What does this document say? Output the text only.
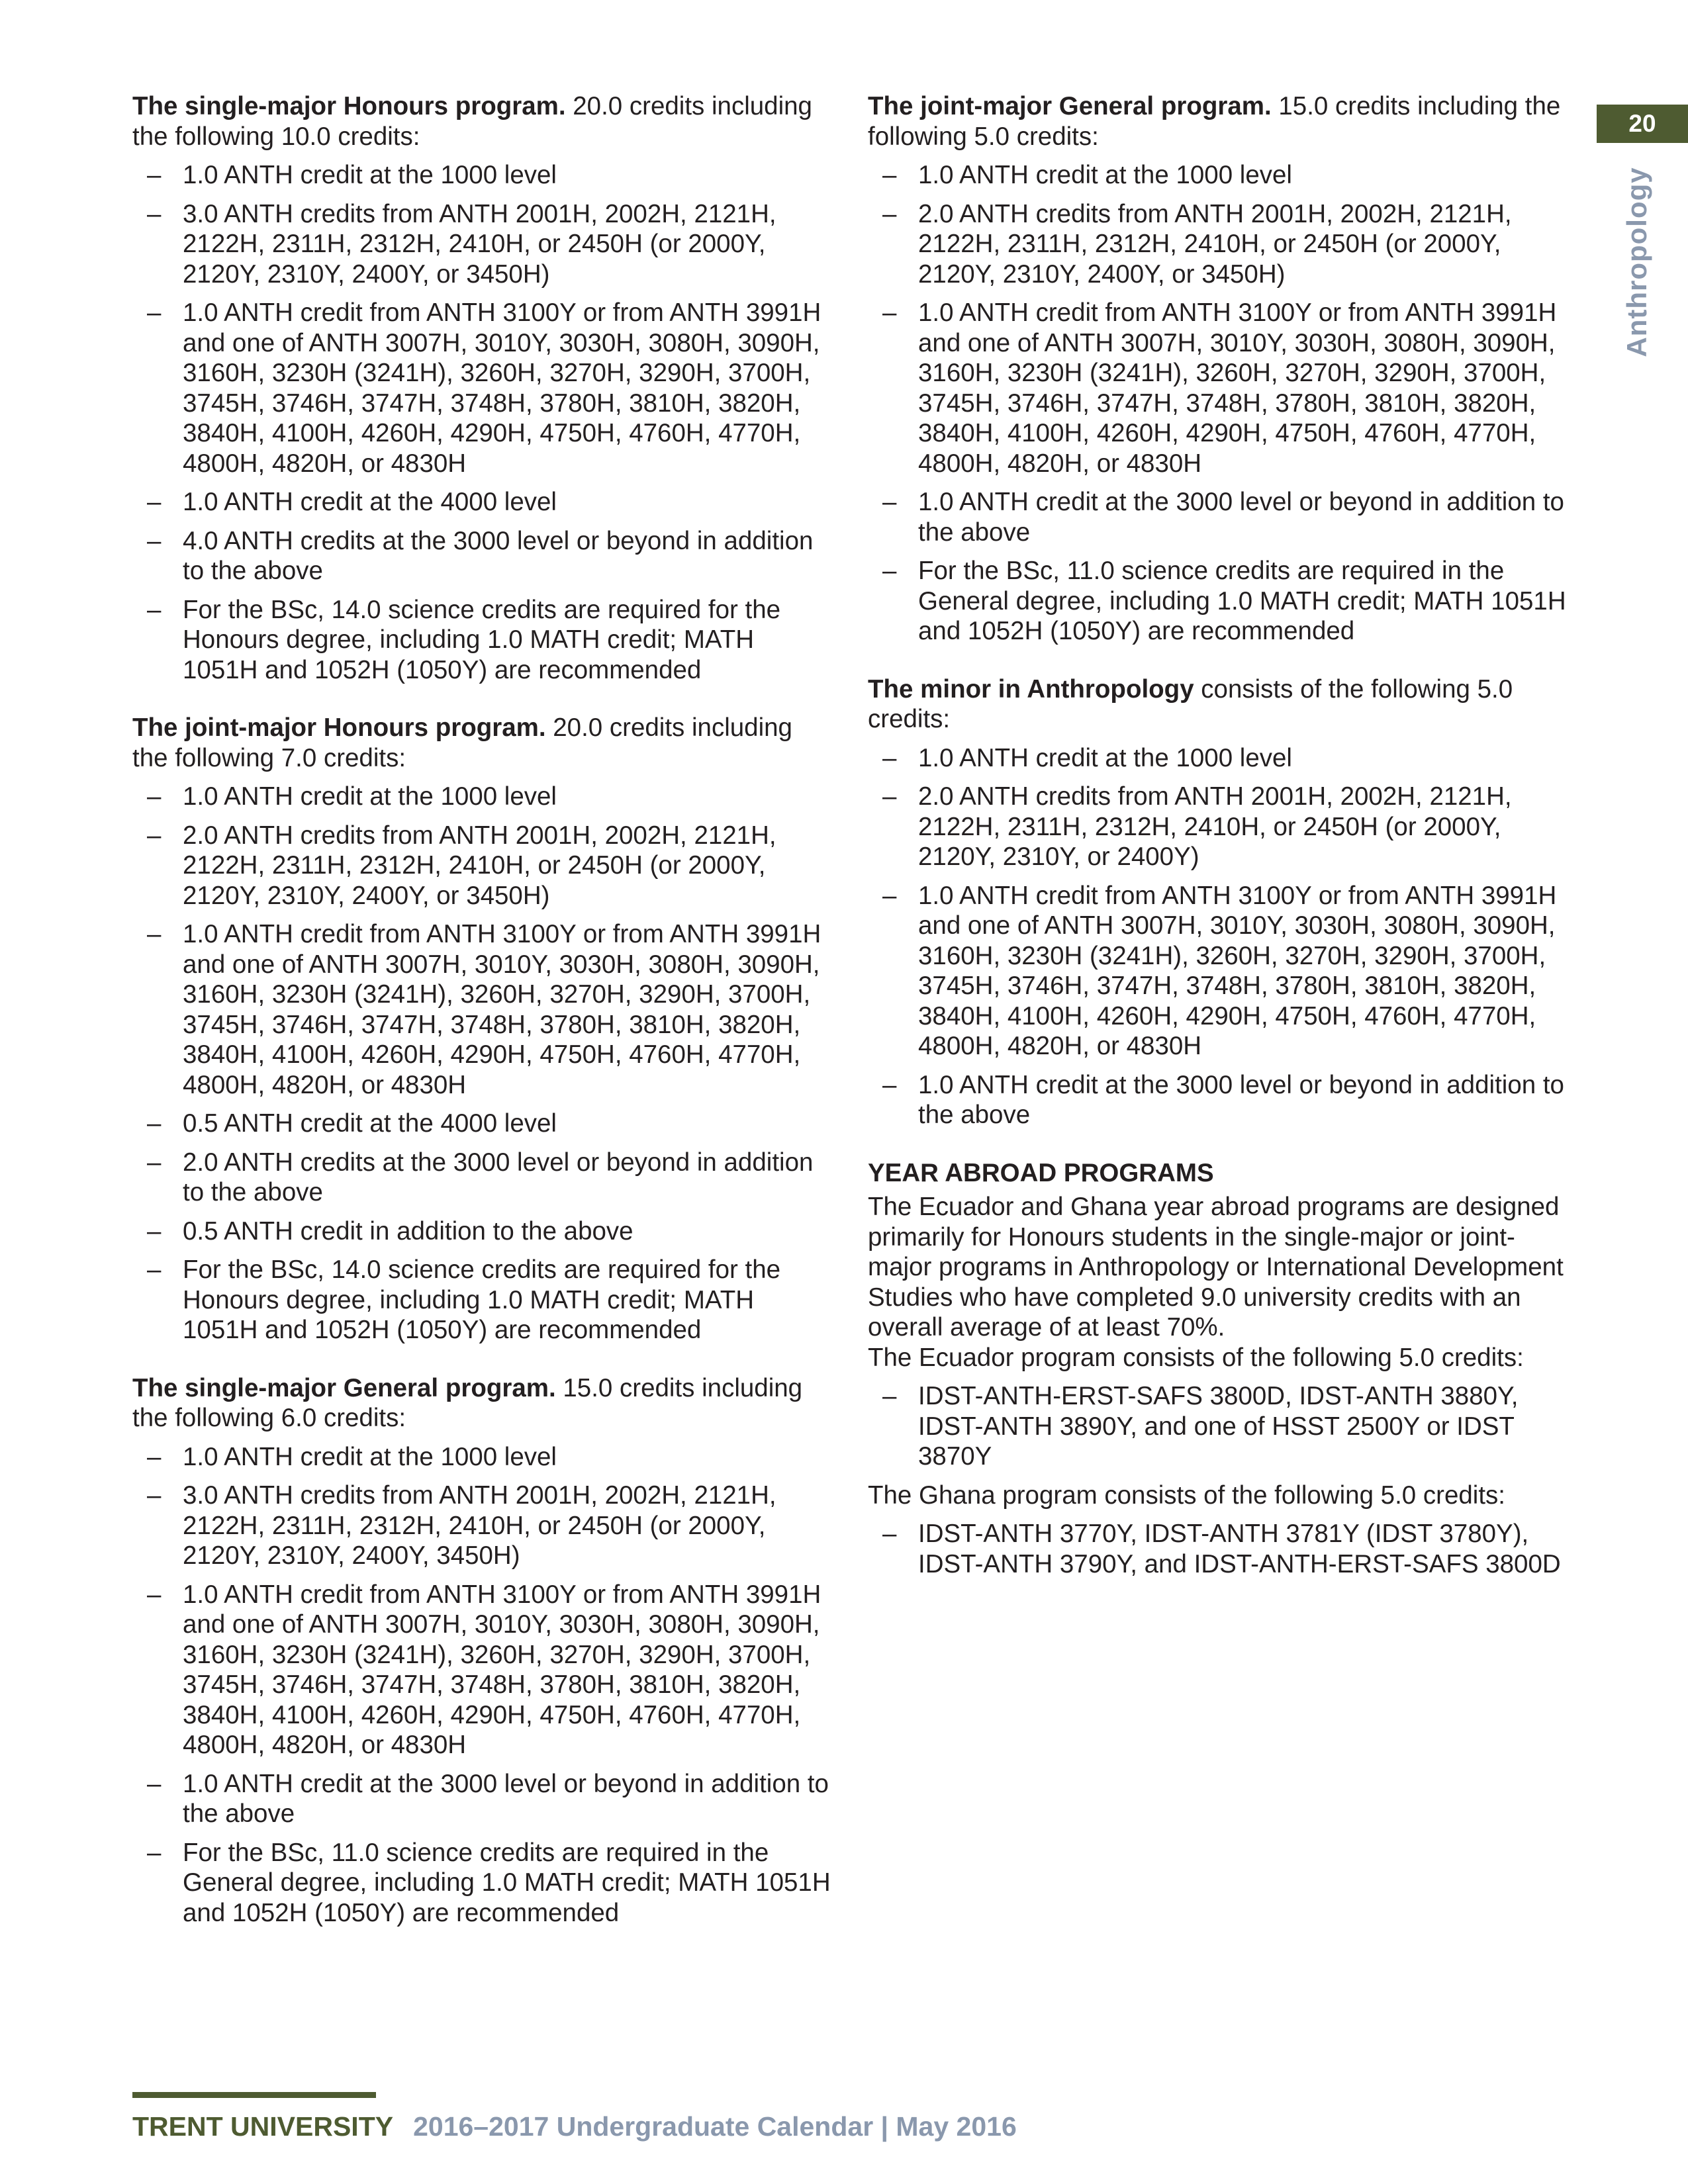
The single-major Honours program. 20.0 credits including the following 10.0 credits:

– 1.0 ANTH credit at the 1000 level
– 3.0 ANTH credits from ANTH 2001H, 2002H, 2121H, 2122H, 2311H, 2312H, 2410H, or 2450H (or 2000Y, 2120Y, 2310Y, 2400Y, or 3450H)
– 1.0 ANTH credit from ANTH 3100Y or from ANTH 3991H and one of ANTH 3007H, 3010Y, 3030H, 3080H, 3090H, 3160H, 3230H (3241H), 3260H, 3270H, 3290H, 3700H, 3745H, 3746H, 3747H, 3748H, 3780H, 3810H, 3820H, 3840H, 4100H, 4260H, 4290H, 4750H, 4760H, 4770H, 4800H, 4820H, or 4830H
– 1.0 ANTH credit at the 4000 level
– 4.0 ANTH credits at the 3000 level or beyond in addition to the above
– For the BSc, 14.0 science credits are required for the Honours degree, including 1.0 MATH credit; MATH 1051H and 1052H (1050Y) are recommended

The joint-major Honours program. 20.0 credits including the following 7.0 credits:

– 1.0 ANTH credit at the 1000 level
– 2.0 ANTH credits from ANTH 2001H, 2002H, 2121H, 2122H, 2311H, 2312H, 2410H, or 2450H (or 2000Y, 2120Y, 2310Y, 2400Y, or 3450H)
– 1.0 ANTH credit from ANTH 3100Y or from ANTH 3991H and one of ANTH 3007H, 3010Y, 3030H, 3080H, 3090H, 3160H, 3230H (3241H), 3260H, 3270H, 3290H, 3700H, 3745H, 3746H, 3747H, 3748H, 3780H, 3810H, 3820H, 3840H, 4100H, 4260H, 4290H, 4750H, 4760H, 4770H, 4800H, 4820H, or 4830H
– 0.5 ANTH credit at the 4000 level
– 2.0 ANTH credits at the 3000 level or beyond in addition to the above
– 0.5 ANTH credit in addition to the above
– For the BSc, 14.0 science credits are required for the Honours degree, including 1.0 MATH credit; MATH 1051H and 1052H (1050Y) are recommended

The single-major General program. 15.0 credits including the following 6.0 credits:

– 1.0 ANTH credit at the 1000 level
– 3.0 ANTH credits from ANTH 2001H, 2002H, 2121H, 2122H, 2311H, 2312H, 2410H, or 2450H (or 2000Y, 2120Y, 2310Y, 2400Y, 3450H)
– 1.0 ANTH credit from ANTH 3100Y or from ANTH 3991H and one of ANTH 3007H, 3010Y, 3030H, 3080H, 3090H, 3160H, 3230H (3241H), 3260H, 3270H, 3290H, 3700H, 3745H, 3746H, 3747H, 3748H, 3780H, 3810H, 3820H, 3840H, 4100H, 4260H, 4290H, 4750H, 4760H, 4770H, 4800H, 4820H, or 4830H
– 1.0 ANTH credit at the 3000 level or beyond in addition to the above
– For the BSc, 11.0 science credits are required in the General degree, including 1.0 MATH credit; MATH 1051H and 1052H (1050Y) are recommended

The joint-major General program. 15.0 credits including the following 5.0 credits:

– 1.0 ANTH credit at the 1000 level
– 2.0 ANTH credits from ANTH 2001H, 2002H, 2121H, 2122H, 2311H, 2312H, 2410H, or 2450H (or 2000Y, 2120Y, 2310Y, 2400Y, or 3450H)
– 1.0 ANTH credit from ANTH 3100Y or from ANTH 3991H and one of ANTH 3007H, 3010Y, 3030H, 3080H, 3090H, 3160H, 3230H (3241H), 3260H, 3270H, 3290H, 3700H, 3745H, 3746H, 3747H, 3748H, 3780H, 3810H, 3820H, 3840H, 4100H, 4260H, 4290H, 4750H, 4760H, 4770H, 4800H, 4820H, or 4830H
– 1.0 ANTH credit at the 3000 level or beyond in addition to the above
– For the BSc, 11.0 science credits are required in the General degree, including 1.0 MATH credit; MATH 1051H and 1052H (1050Y) are recommended

The minor in Anthropology consists of the following 5.0 credits:

– 1.0 ANTH credit at the 1000 level
– 2.0 ANTH credits from ANTH 2001H, 2002H, 2121H, 2122H, 2311H, 2312H, 2410H, or 2450H (or 2000Y, 2120Y, 2310Y, or 2400Y)
– 1.0 ANTH credit from ANTH 3100Y or from ANTH 3991H and one of ANTH 3007H, 3010Y, 3030H, 3080H, 3090H, 3160H, 3230H (3241H), 3260H, 3270H, 3290H, 3700H, 3745H, 3746H, 3747H, 3748H, 3780H, 3810H, 3820H, 3840H, 4100H, 4260H, 4290H, 4750H, 4760H, 4770H, 4800H, 4820H, or 4830H
– 1.0 ANTH credit at the 3000 level or beyond in addition to the above
YEAR ABROAD PROGRAMS

The Ecuador and Ghana year abroad programs are designed primarily for Honours students in the single-major or joint-major programs in Anthropology or International Development Studies who have completed 9.0 university credits with an overall average of at least 70%.

The Ecuador program consists of the following 5.0 credits:

– IDST-ANTH-ERST-SAFS 3800D, IDST-ANTH 3880Y, IDST-ANTH 3890Y, and one of HSST 2500Y or IDST 3870Y

The Ghana program consists of the following 5.0 credits:

– IDST-ANTH 3770Y, IDST-ANTH 3781Y (IDST 3780Y), IDST-ANTH 3790Y, and IDST-ANTH-ERST-SAFS 3800D
20
Anthropology
TRENT UNIVERSITY 2016–2017 Undergraduate Calendar | May 2016
